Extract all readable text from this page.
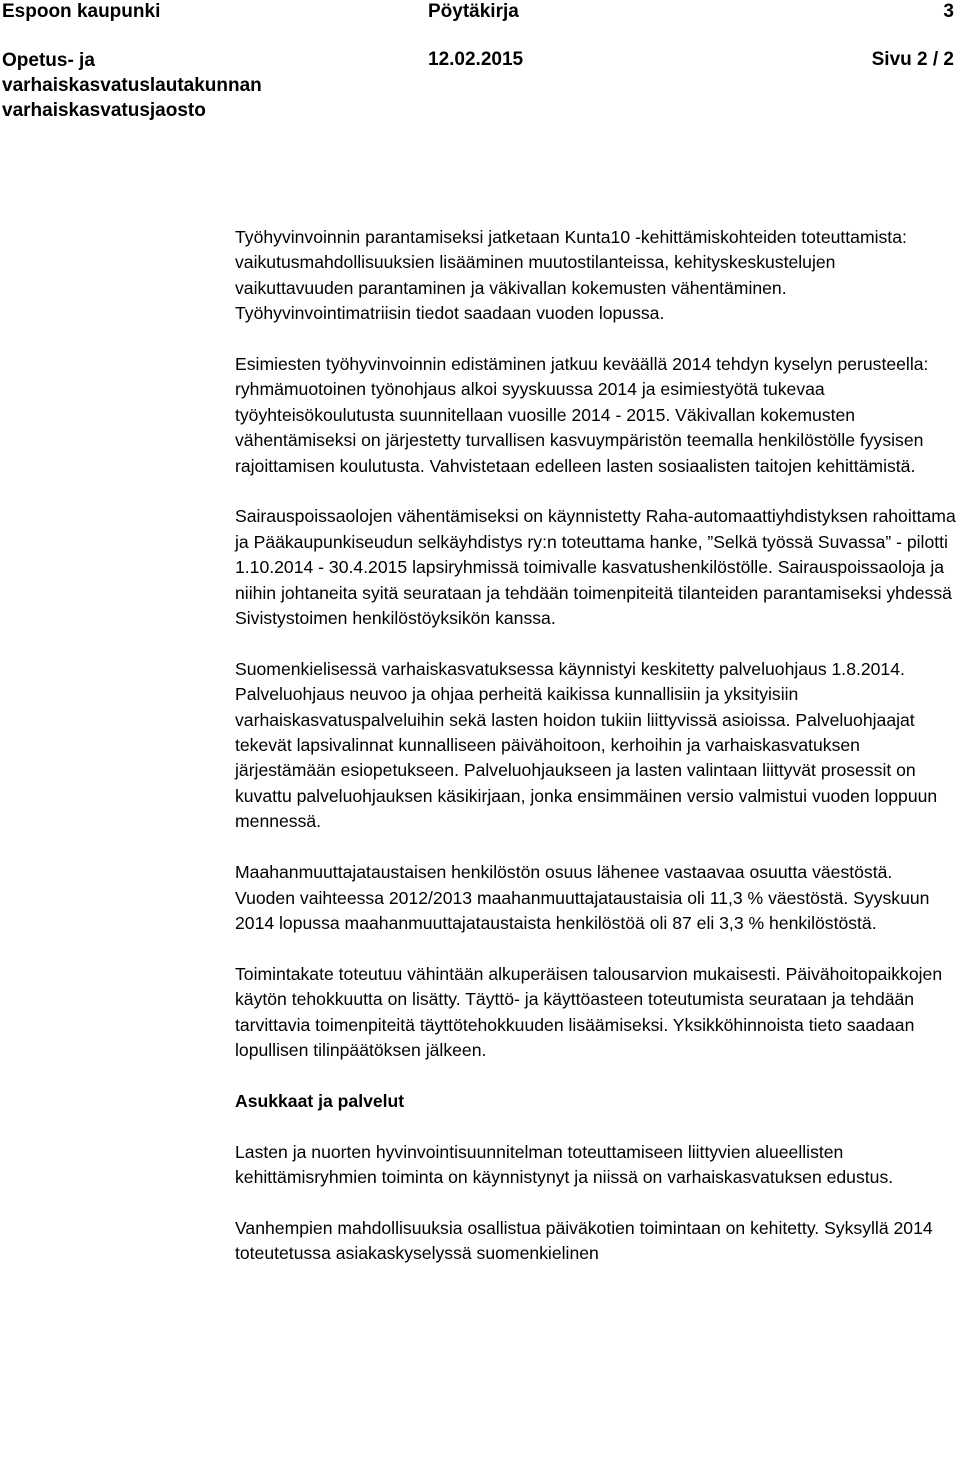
Espoon kaupunki	Pöytäkirja	3
Opetus- ja
varhaiskasvatuslautakunnan
varhaiskasvatusjaosto
12.02.2015	Sivu 2 / 2

Työhyvinvoinnin parantamiseksi jatketaan Kunta10 -kehittämiskohteiden toteuttamista: vaikutusmahdollisuuksien lisääminen muutostilanteissa, kehityskeskustelujen vaikuttavuuden parantaminen ja väkivallan kokemusten vähentäminen. Työhyvinvointimatriisin tiedot saadaan vuoden lopussa.

Esimiesten työhyvinvoinnin edistäminen jatkuu keväällä 2014 tehdyn kyselyn perusteella: ryhmämuotoinen työnohjaus alkoi syyskuussa 2014 ja esimiestyötä tukevaa työyhteisökoulutusta suunnitellaan vuosille 2014 - 2015. Väkivallan kokemusten vähentämiseksi on järjestetty turvallisen kasvuympäristön teemalla henkilöstölle fyysisen rajoittamisen koulutusta. Vahvistetaan edelleen lasten sosiaalisten taitojen kehittämistä.

Sairauspoissaolojen vähentämiseksi on käynnistetty Raha-automaattiyhdistyksen rahoittama ja Pääkaupunkiseudun selkäyhdistys ry:n toteuttama hanke, ”Selkä työssä Suvassa” - pilotti 1.10.2014 - 30.4.2015 lapsiryhmissä toimivalle kasvatushenkilöstölle. Sairauspoissaoloja ja niihin johtaneita syitä seurataan ja tehdään toimenpiteitä tilanteiden parantamiseksi yhdessä Sivistystoimen henkilöstöyksikön kanssa.

Suomenkielisessä varhaiskasvatuksessa käynnistyi keskitetty palveluohjaus 1.8.2014. Palveluohjaus neuvoo ja ohjaa perheitä kaikissa kunnallisiin ja yksityisiin varhaiskasvatuspalveluihin sekä lasten hoidon tukiin liittyvissä asioissa. Palveluohjaajat tekevät lapsivalinnat kunnalliseen päivähoitoon, kerhoihin ja varhaiskasvatuksen järjestämään esiopetukseen. Palveluohjaukseen ja lasten valintaan liittyvät prosessit on kuvattu palveluohjauksen käsikirjaan, jonka ensimmäinen versio valmistui vuoden loppuun mennessä.

Maahanmuuttajataustaisen henkilöstön osuus lähenee vastaavaa osuutta väestöstä. Vuoden vaihteessa 2012/2013 maahanmuuttajataustaisia oli 11,3 % väestöstä. Syyskuun 2014 lopussa maahanmuuttajataustaista henkilöstöä oli 87 eli 3,3 % henkilöstöstä.

Toimintakate toteutuu vähintään alkuperäisen talousarvion mukaisesti. Päivähoitopaikkojen käytön tehokkuutta on lisätty. Täyttö- ja käyttöasteen toteutumista seurataan ja tehdään tarvittavia toimenpiteitä täyttötehokkuuden lisäämiseksi. Yksikköhinnoista tieto saadaan lopullisen tilinpäätöksen jälkeen.

Asukkaat ja palvelut

Lasten ja nuorten hyvinvointisuunnitelman toteuttamiseen liittyvien alueellisten kehittämisryhmien toiminta on käynnistynyt ja niissä on varhaiskasvatuksen edustus.

Vanhempien mahdollisuuksia osallistua päiväkotien toimintaan on kehitetty. Syksyllä 2014 toteutetussa asiakaskyselyssä suomenkielinen
